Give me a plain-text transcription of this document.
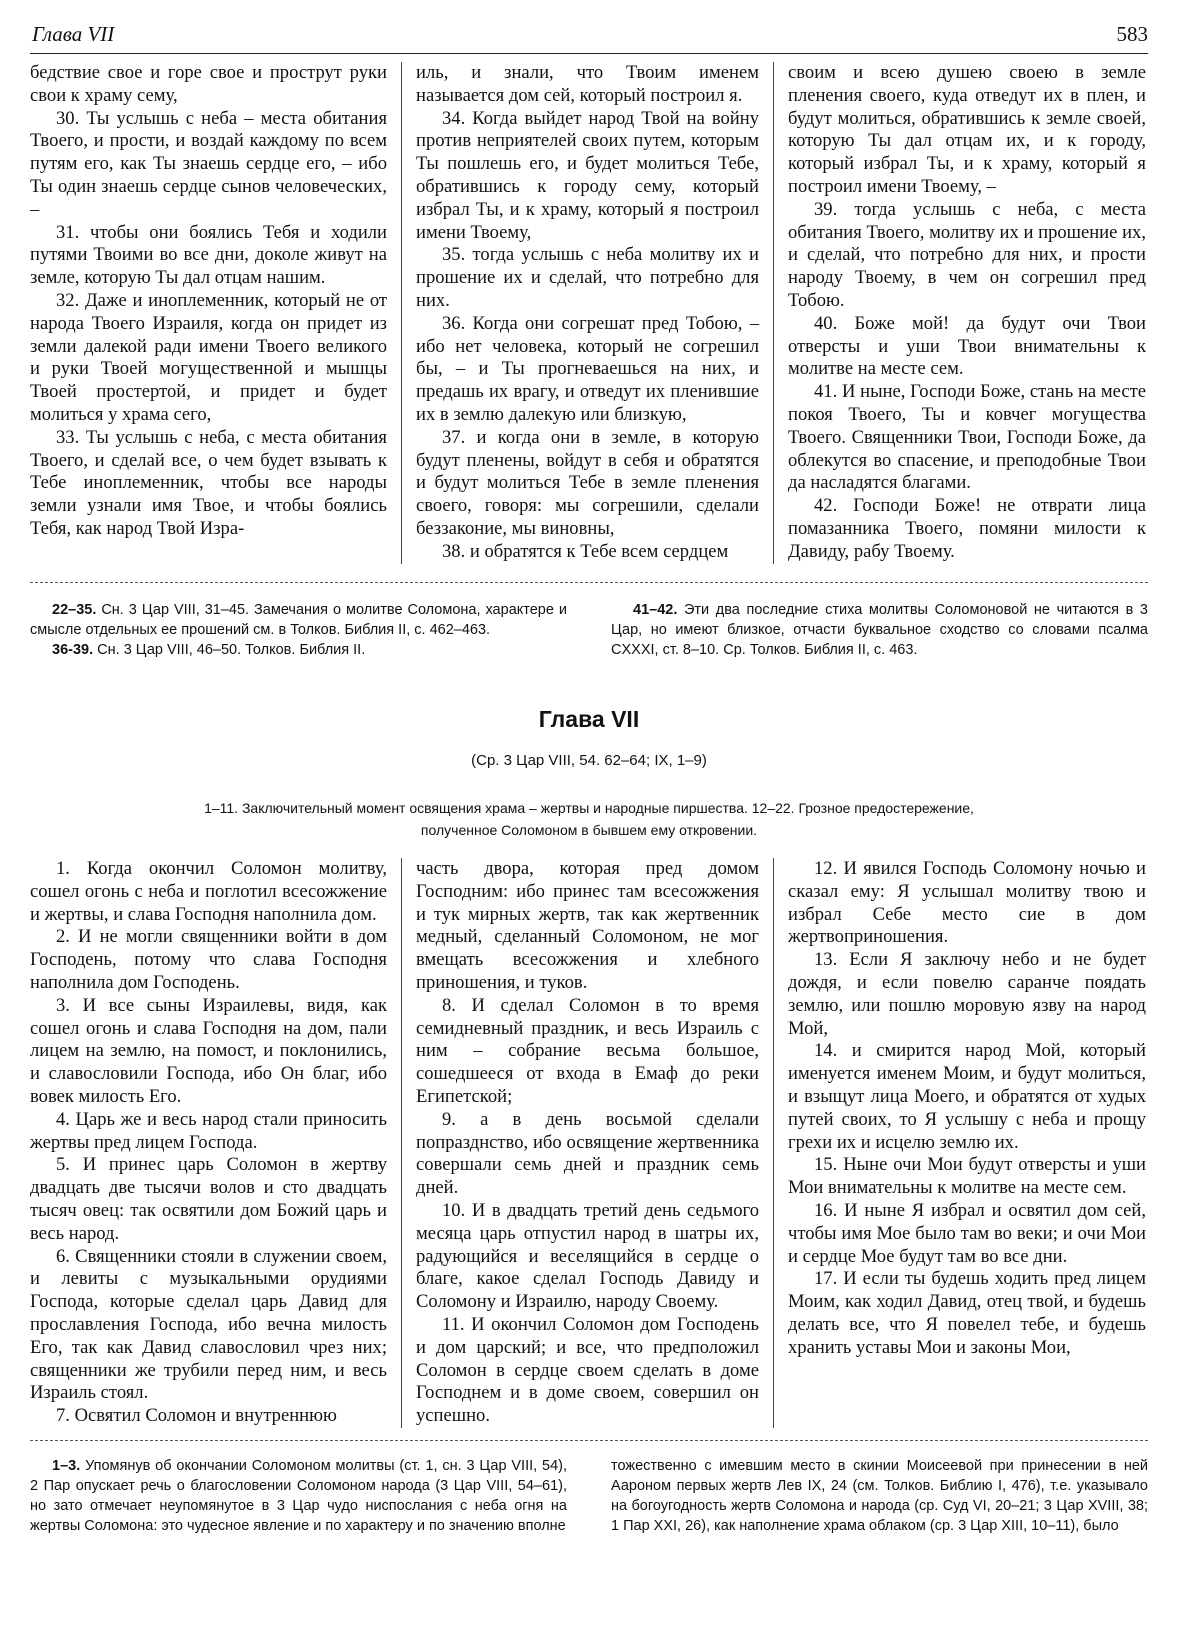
Глава VII	583

бедствие свое и горе свое и прострут руки свои к храму сему,

30. Ты услышь с неба – места обитания Твоего, и прости, и воздай каждому по всем путям его, как Ты знаешь сердце его, – ибо Ты один знаешь сердце сынов человеческих, –

31. чтобы они боялись Тебя и ходили путями Твоими во все дни, доколе живут на земле, которую Ты дал отцам нашим.

32. Даже и иноплеменник, который не от народа Твоего Израиля, когда он придет из земли далекой ради имени Твоего великого и руки Твоей могущественной и мышцы Твоей простертой, и придет и будет молиться у храма сего,

33. Ты услышь с неба, с места обитания Твоего, и сделай все, о чем будет взывать к Тебе иноплеменник, чтобы все народы земли узнали имя Твое, и чтобы боялись Тебя, как народ Твой Изра-

иль, и знали, что Твоим именем называется дом сей, который построил я.

34. Когда выйдет народ Твой на войну против неприятелей своих путем, которым Ты пошлешь его, и будет молиться Тебе, обратившись к городу сему, который избрал Ты, и к храму, который я построил имени Твоему,

35. тогда услышь с неба молитву их и прошение их и сделай, что потребно для них.

36. Когда они согрешат пред Тобою, – ибо нет человека, который не согрешил бы, – и Ты прогневаешься на них, и предашь их врагу, и отведут их пленившие их в землю далекую или близкую,

37. и когда они в земле, в которую будут пленены, войдут в себя и обратятся и будут молиться Тебе в земле пленения своего, говоря: мы согрешили, сделали беззаконие, мы виновны,

38. и обратятся к Тебе всем сердцем

своим и всею душею своею в земле пленения своего, куда отведут их в плен, и будут молиться, обратившись к земле своей, которую Ты дал отцам их, и к городу, который избрал Ты, и к храму, который я построил имени Твоему, –

39. тогда услышь с неба, с места обитания Твоего, молитву их и прошение их, и сделай, что потребно для них, и прости народу Твоему, в чем он согрешил пред Тобою.

40. Боже мой! да будут очи Твои отверсты и уши Твои внимательны к молитве на месте сем.

41. И ныне, Господи Боже, стань на месте покоя Твоего, Ты и ковчег могущества Твоего. Священники Твои, Господи Боже, да облекутся во спасение, и преподобные Твои да насладятся благами.

42. Господи Боже! не отврати лица помазанника Твоего, помяни милости к Давиду, рабу Твоему.

22–35. Сн. 3 Цар VIII, 31–45. Замечания о молитве Соломона, характере и смысле отдельных ее прошений см. в Толков. Библия II, с. 462–463.

36-39. Сн. 3 Цар VIII, 46–50. Толков. Библия II.

41–42. Эти два последние стиха молитвы Соломоновой не читаются в 3 Цар, но имеют близкое, отчасти буквальное сходство со словами псалма CXXXI, ст. 8–10. Ср. Толков. Библия II, с. 463.

Глава VII
(Ср. 3 Цар VIII, 54. 62–64; IX, 1–9)
1–11. Заключительный момент освящения храма – жертвы и народные пиршества. 12–22. Грозное предостережение,
полученное Соломоном в бывшем ему откровении.

1. Когда окончил Соломон молитву, сошел огонь с неба и поглотил всесожжение и жертвы, и слава Господня наполнила дом.

2. И не могли священники войти в дом Господень, потому что слава Господня наполнила дом Господень.

3. И все сыны Израилевы, видя, как сошел огонь и слава Господня на дом, пали лицем на землю, на помост, и поклонились, и славословили Господа, ибо Он благ, ибо вовек милость Его.

4. Царь же и весь народ стали приносить жертвы пред лицем Господа.

5. И принес царь Соломон в жертву двадцать две тысячи волов и сто двадцать тысяч овец: так освятили дом Божий царь и весь народ.

6. Священники стояли в служении своем, и левиты с музыкальными орудиями Господа, которые сделал царь Давид для прославления Господа, ибо вечна милость Его, так как Давид славословил чрез них; священники же трубили перед ним, и весь Израиль стоял.

7. Освятил Соломон и внутреннюю

часть двора, которая пред домом Господним: ибо принес там всесожжения и тук мирных жертв, так как жертвенник медный, сделанный Соломоном, не мог вмещать всесожжения и хлебного приношения, и туков.

8. И сделал Соломон в то время семидневный праздник, и весь Израиль с ним – собрание весьма большое, сошедшееся от входа в Емаф до реки Египетской;

9. а в день восьмой сделали попразднство, ибо освящение жертвенника совершали семь дней и праздник семь дней.

10. И в двадцать третий день седьмого месяца царь отпустил народ в шатры их, радующийся и веселящийся в сердце о благе, какое сделал Господь Давиду и Соломону и Израилю, народу Своему.

11. И окончил Соломон дом Господень и дом царский; и все, что предположил Соломон в сердце своем сделать в доме Господнем и в доме своем, совершил он успешно.

12. И явился Господь Соломону ночью и сказал ему: Я услышал молитву твою и избрал Себе место сие в дом жертвоприношения.

13. Если Я заключу небо и не будет дождя, и если повелю саранче поядать землю, или пошлю моровую язву на народ Мой,

14. и смирится народ Мой, который именуется именем Моим, и будут молиться, и взыщут лица Моего, и обратятся от худых путей своих, то Я услышу с неба и прощу грехи их и исцелю землю их.

15. Ныне очи Мои будут отверсты и уши Мои внимательны к молитве на месте сем.

16. И ныне Я избрал и освятил дом сей, чтобы имя Мое было там во веки; и очи Мои и сердце Мое будут там во все дни.

17. И если ты будешь ходить пред лицем Моим, как ходил Давид, отец твой, и будешь делать все, что Я повелел тебе, и будешь хранить уставы Мои и законы Мои,

1–3. Упомянув об окончании Соломоном молитвы (ст. 1, сн. 3 Цар VIII, 54), 2 Пар опускает речь о благословении Соломоном народа (3 Цар VIII, 54–61), но зато отмечает неупомянутое в 3 Цар чудо ниспослания с неба огня на жертвы Соломона: это чудесное явление и по характеру и по значению вполне

тожественно с имевшим место в скинии Моисеевой при принесении в ней Аароном первых жертв Лев IX, 24 (см. Толков. Библию I, 476), т.е. указывало на богоугодность жертв Соломона и народа (ср. Суд VI, 20–21; 3 Цар XVIII, 38; 1 Пар XXI, 26), как наполнение храма облаком (ср. 3 Цар XIII, 10–11), было
